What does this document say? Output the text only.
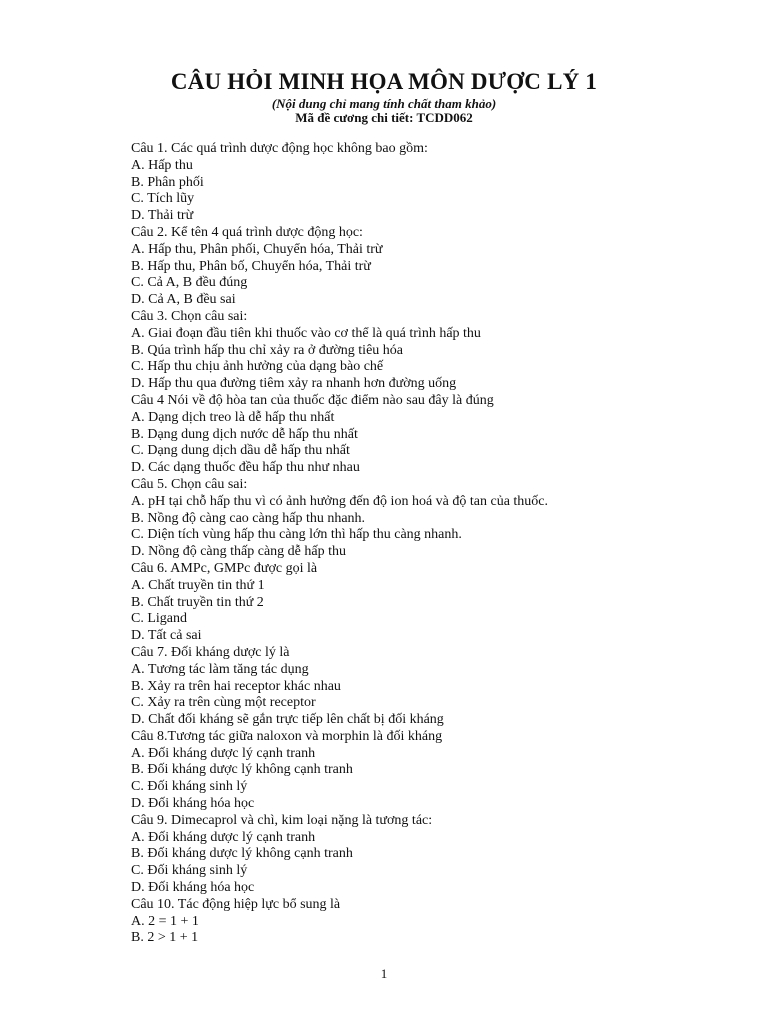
CÂU HỎI MINH HỌA MÔN DƯỢC LÝ 1
(Nội dung chỉ mang tính chất tham khảo)
Mã đề cương chi tiết: TCDD062

Câu 1. Các quá trình dược động học không bao gồm:

A. Hấp thu

B. Phân phối

C. Tích lũy

D. Thải trừ

Câu 2. Kể tên 4 quá trình dược động học:

A. Hấp thu, Phân phối, Chuyển hóa, Thải trừ

B. Hấp thu, Phân bố, Chuyển hóa, Thải trừ

C. Cả A, B đều đúng

D. Cả A, B đều sai

Câu 3. Chọn câu sai:

A. Giai đoạn đầu tiên khi thuốc vào cơ thể là quá trình hấp thu

B. Qúa trình hấp thu chỉ xảy ra ở đường tiêu hóa

C. Hấp thu chịu ảnh hưởng của dạng bào chế

D. Hấp thu qua đường tiêm xảy ra nhanh hơn đường uống

Câu 4 Nói về độ hòa tan của thuốc đặc điểm nào sau đây là đúng

A. Dạng dịch treo là dễ hấp thu nhất

B. Dạng dung dịch nước dễ hấp thu nhất

C. Dạng dung dịch dầu dễ hấp thu nhất

D. Các dạng thuốc đều hấp thu như nhau

Câu 5. Chọn câu sai:

A. pH tại chỗ hấp thu vì có ảnh hưởng đến độ ion hoá và độ tan của thuốc.

B. Nồng độ càng cao càng hấp thu nhanh.

C. Diện tích vùng hấp thu càng lớn thì hấp thu càng nhanh.

D. Nồng độ càng thấp càng dễ hấp thu

Câu 6. AMPc, GMPc được gọi là

A. Chất truyền tin thứ 1

B. Chất truyền tin thứ 2

C. Ligand

D. Tất cả sai

Câu 7. Đối kháng dược lý là

A. Tương tác làm tăng tác dụng

B. Xảy ra trên hai receptor khác nhau

C. Xảy ra trên cùng một receptor

D. Chất đối kháng sẽ gắn trực tiếp lên chất bị đối kháng

Câu 8.Tương tác giữa naloxon và morphin là đối kháng

A. Đối kháng dược lý cạnh tranh

B. Đối kháng dược lý không cạnh tranh

C. Đối kháng sinh lý

D. Đối kháng hóa học

Câu 9. Dimecaprol và chì, kim loại nặng là tương tác:

A. Đối kháng dược lý cạnh tranh

B. Đối kháng dược lý không cạnh tranh

C. Đối kháng sinh lý

D. Đối kháng hóa học

Câu 10. Tác động hiệp lực bổ sung là

A. 2 = 1 + 1

B. 2 > 1 + 1

1
